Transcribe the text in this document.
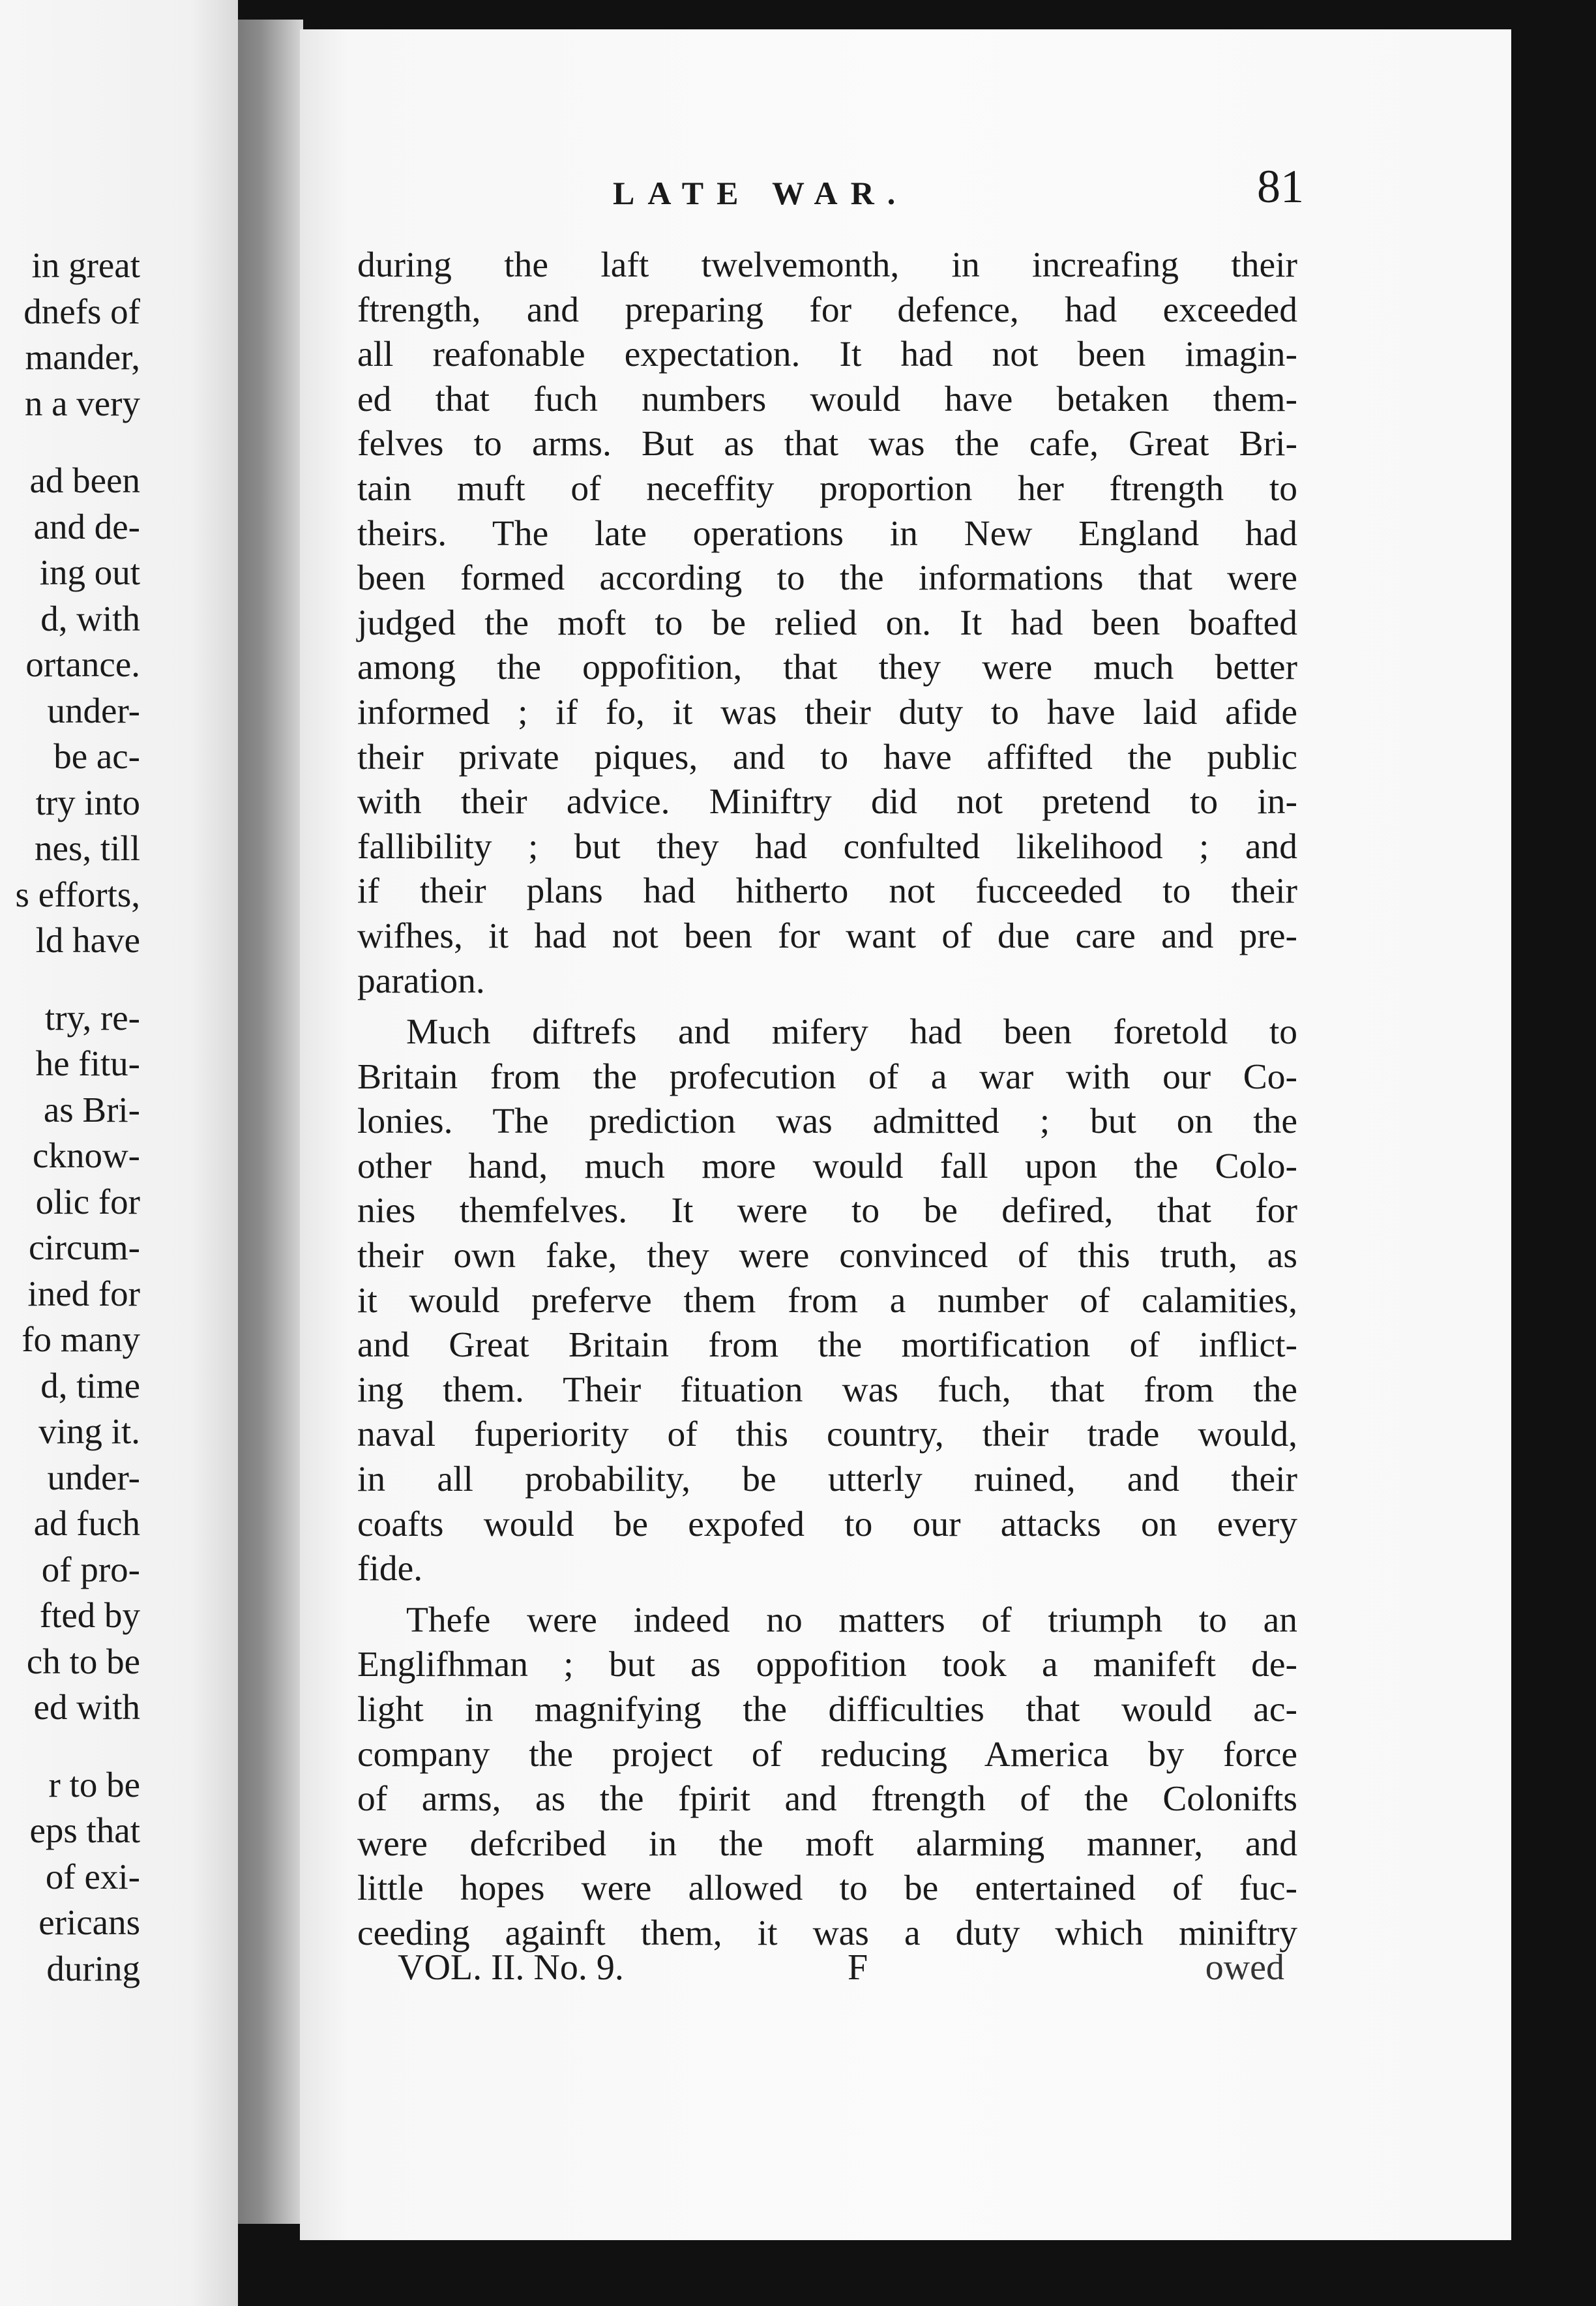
in great
dnefs of
mander,
n a very
ad been
and de-
ing out
d, with
ortance.
under-
be ac-
try into
nes, till
s efforts,
ld have
try, re-
he fitu-
as Bri-
cknow-
olic for
circum-
ined for
fo many
d, time
ving it.
under-
ad fuch
of pro-
fted by
ch to be
ed with
r to be
eps that
of exi-
ericans
during
LATE WAR.	81
during the laft twelvemonth, in increafing their
ftrength, and preparing for defence, had exceeded
all reafonable expectation. It had not been imagin-
ed that fuch numbers would have betaken them-
felves to arms. But as that was the cafe, Great Bri-
tain muft of neceffity proportion her ftrength to
theirs. The late operations in New England had
been formed according to the informations that were
judged the moft to be relied on. It had been boafted
among the oppofition, that they were much better
informed ; if fo, it was their duty to have laid afide
their private piques, and to have affifted the public
with their advice. Miniftry did not pretend to in-
fallibility ; but they had confulted likelihood ; and
if their plans had hitherto not fucceeded to their
wifhes, it had not been for want of due care and pre-
paration.
Much diftrefs and mifery had been foretold to
Britain from the profecution of a war with our Co-
lonies. The prediction was admitted ; but on the
other hand, much more would fall upon the Colo-
nies themfelves. It were to be defired, that for
their own fake, they were convinced of this truth, as
it would preferve them from a number of calamities,
and Great Britain from the mortification of inflict-
ing them. Their fituation was fuch, that from the
naval fuperiority of this country, their trade would,
in all probability, be utterly ruined, and their
coafts would be expofed to our attacks on every
fide.
Thefe were indeed no matters of triumph to an
Englifhman ; but as oppofition took a manifeft de-
light in magnifying the difficulties that would ac-
company the project of reducing America by force
of arms, as the fpirit and ftrength of the Colonifts
were defcribed in the moft alarming manner, and
little hopes were allowed to be entertained of fuc-
ceeding againft them, it was a duty which miniftry
VOL. II. No. 9.	F	owed
